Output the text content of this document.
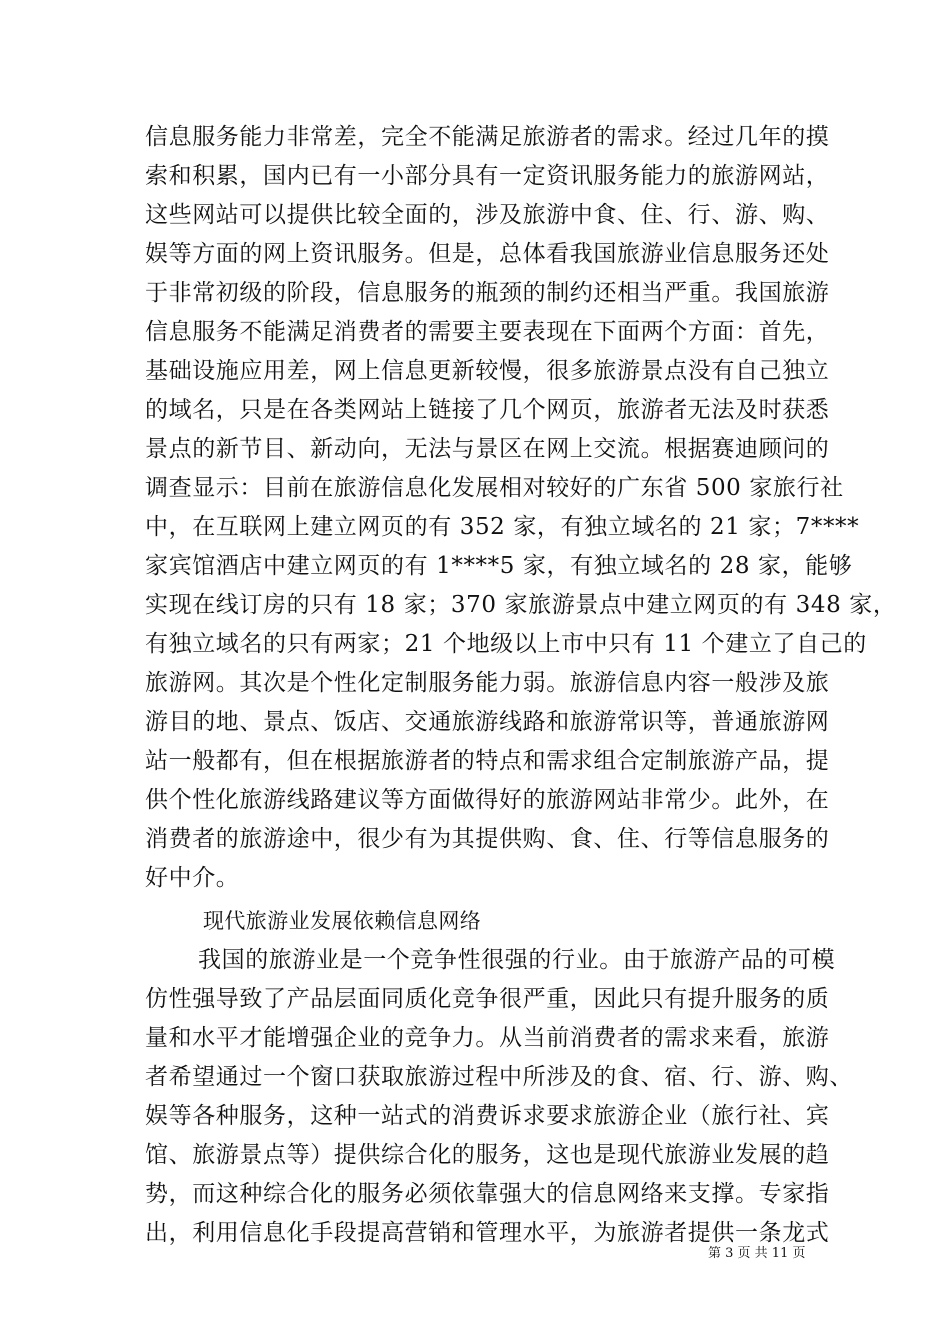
信息服务能力非常差，完全不能满足旅游者的需求。经过几年的摸
索和积累，国内已有一小部分具有一定资讯服务能力的旅游网站，
这些网站可以提供比较全面的，涉及旅游中食、住、行、游、购、
娱等方面的网上资讯服务。但是，总体看我国旅游业信息服务还处
于非常初级的阶段，信息服务的瓶颈的制约还相当严重。我国旅游
信息服务不能满足消费者的需要主要表现在下面两个方面：首先，
基础设施应用差，网上信息更新较慢，很多旅游景点没有自己独立
的域名，只是在各类网站上链接了几个网页，旅游者无法及时获悉
景点的新节目、新动向，无法与景区在网上交流。根据赛迪顾问的
调查显示：目前在旅游信息化发展相对较好的广东省 500 家旅行社
中，在互联网上建立网页的有 352 家，有独立域名的 21 家；7****
家宾馆酒店中建立网页的有 1****5 家，有独立域名的 28 家，能够
实现在线订房的只有 18 家；370 家旅游景点中建立网页的有 348 家，
有独立域名的只有两家；21 个地级以上市中只有 11 个建立了自己的
旅游网。其次是个性化定制服务能力弱。旅游信息内容一般涉及旅
游目的地、景点、饭店、交通旅游线路和旅游常识等，普通旅游网
站一般都有，但在根据旅游者的特点和需求组合定制旅游产品，提
供个性化旅游线路建议等方面做得好的旅游网站非常少。此外，在
消费者的旅游途中，很少有为其提供购、食、住、行等信息服务的
好中介。
现代旅游业发展依赖信息网络
我国的旅游业是一个竞争性很强的行业。由于旅游产品的可模
仿性强导致了产品层面同质化竞争很严重，因此只有提升服务的质
量和水平才能增强企业的竞争力。从当前消费者的需求来看，旅游
者希望通过一个窗口获取旅游过程中所涉及的食、宿、行、游、购、
娱等各种服务，这种一站式的消费诉求要求旅游企业（旅行社、宾
馆、旅游景点等）提供综合化的服务，这也是现代旅游业发展的趋
势，而这种综合化的服务必须依靠强大的信息网络来支撑。专家指
出，利用信息化手段提高营销和管理水平，为旅游者提供一条龙式
第 3 页 共 11 页
